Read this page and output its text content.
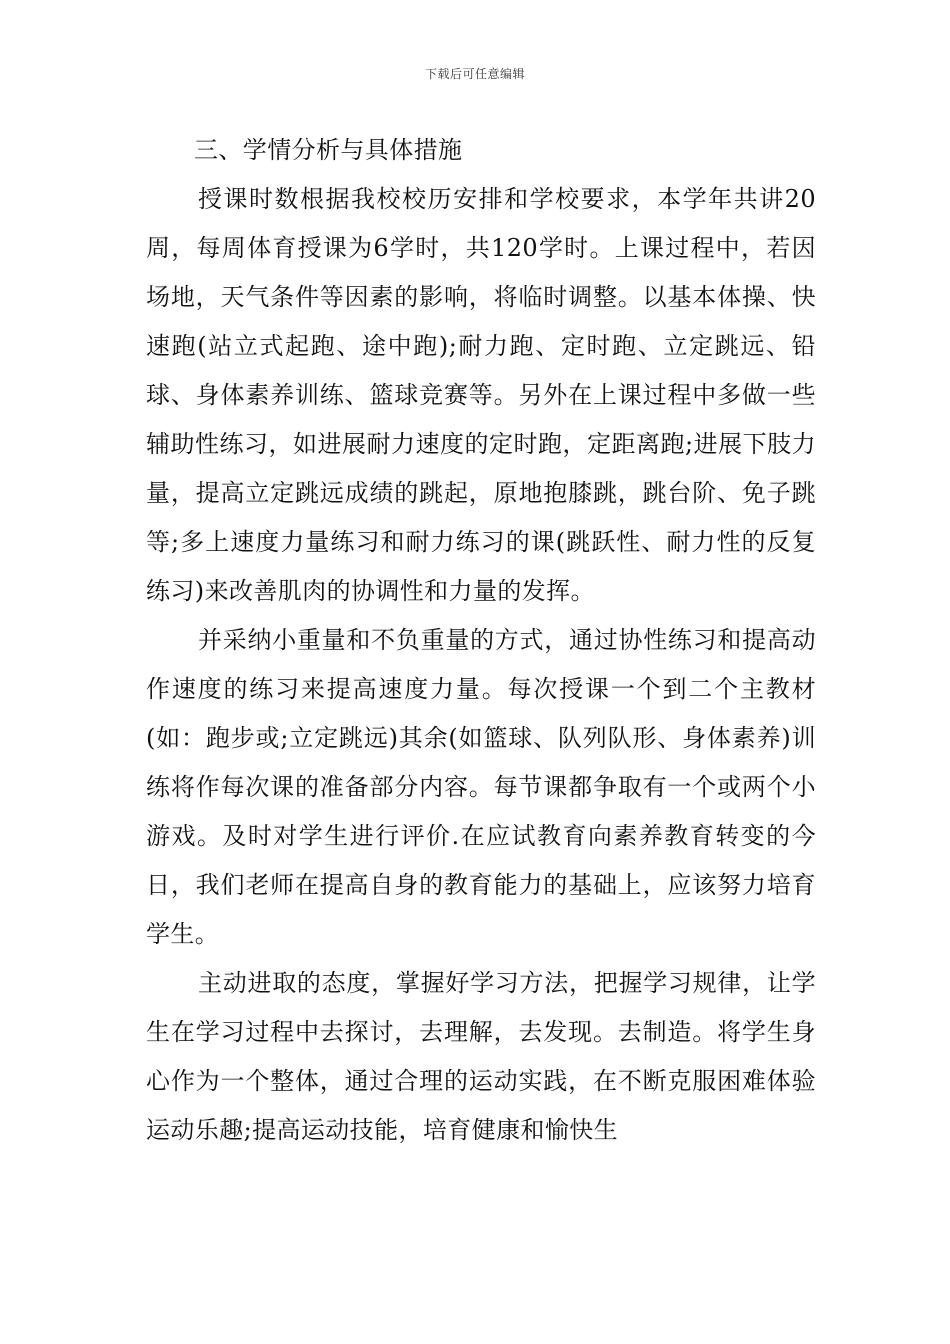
下载后可任意编辑
三、学情分析与具体措施

授课时数根据我校校历安排和学校要求，本学年共讲20周，每周体育授课为6学时，共120学时。上课过程中，若因场地，天气条件等因素的影响，将临时调整。以基本体操、快速跑(站立式起跑、途中跑);耐力跑、定时跑、立定跳远、铅球、身体素养训练、篮球竞赛等。另外在上课过程中多做一些辅助性练习，如进展耐力速度的定时跑，定距离跑;进展下肢力量，提高立定跳远成绩的跳起，原地抱膝跳，跳台阶、免子跳等;多上速度力量练习和耐力练习的课(跳跃性、耐力性的反复练习)来改善肌肉的协调性和力量的发挥。

并采纳小重量和不负重量的方式，通过协性练习和提高动作速度的练习来提高速度力量。每次授课一个到二个主教材(如：跑步或;立定跳远)其余(如篮球、队列队形、身体素养)训练将作每次课的准备部分内容。每节课都争取有一个或两个小游戏。及时对学生进行评价.在应试教育向素养教育转变的今日，我们老师在提高自身的教育能力的基础上，应该努力培育学生。

主动进取的态度，掌握好学习方法，把握学习规律，让学生在学习过程中去探讨，去理解，去发现。去制造。将学生身心作为一个整体，通过合理的运动实践，在不断克服困难体验运动乐趣;提高运动技能，培育健康和愉快生
